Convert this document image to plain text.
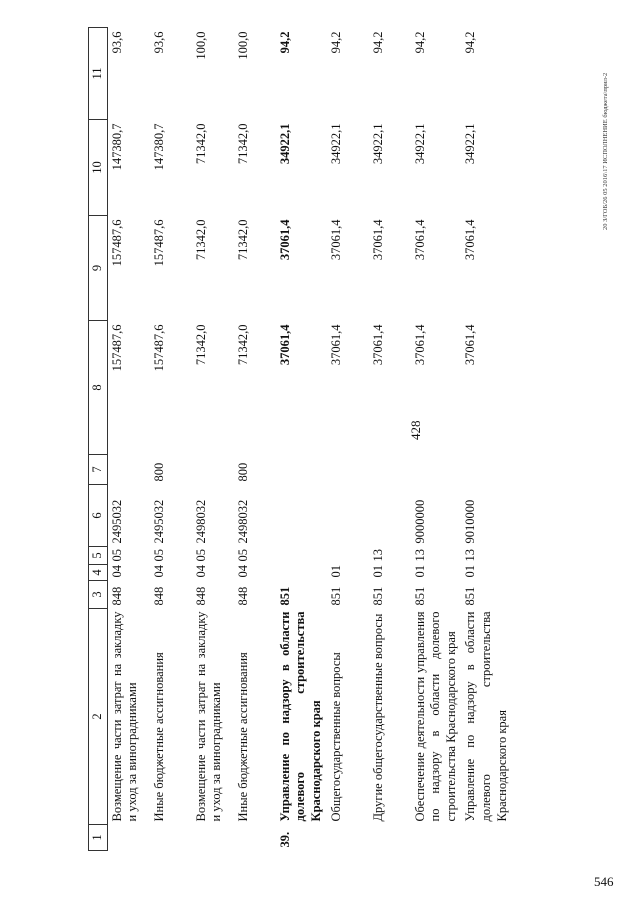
428
20 З/ГОБ/26 05 2016\17 ИСПОЛНЕНИЕ бюджета\прил-2
546
1	2	3	4	5	6	7	8	9	10	11
	Возмещение части затрат на закладку и уход за виноградниками	848	04	05	2495032		157487,6	157487,6	147380,7	93,6
	Иные бюджетные ассигнования	848	04	05	2495032	800	157487,6	157487,6	147380,7	93,6
	Возмещение части затрат на закладку и уход за виноградниками	848	04	05	2498032		71342,0	71342,0	71342,0	100,0
	Иные бюджетные ассигнования	848	04	05	2498032	800	71342,0	71342,0	71342,0	100,0
39.	Управление по надзору в области долевого строительства Краснодарского края	851					37061,4	37061,4	34922,1	94,2
	Общегосударственные вопросы	851	01				37061,4	37061,4	34922,1	94,2
	Другие общегосударственные вопросы	851	01	13			37061,4	37061,4	34922,1	94,2
	Обеспечение деятельности управления по надзору в области долевого строительства Краснодарского края	851	01	13	9000000		37061,4	37061,4	34922,1	94,2
	Управление по надзору в области долевого строительства Краснодарского края	851	01	13	9010000		37061,4	37061,4	34922,1	94,2
